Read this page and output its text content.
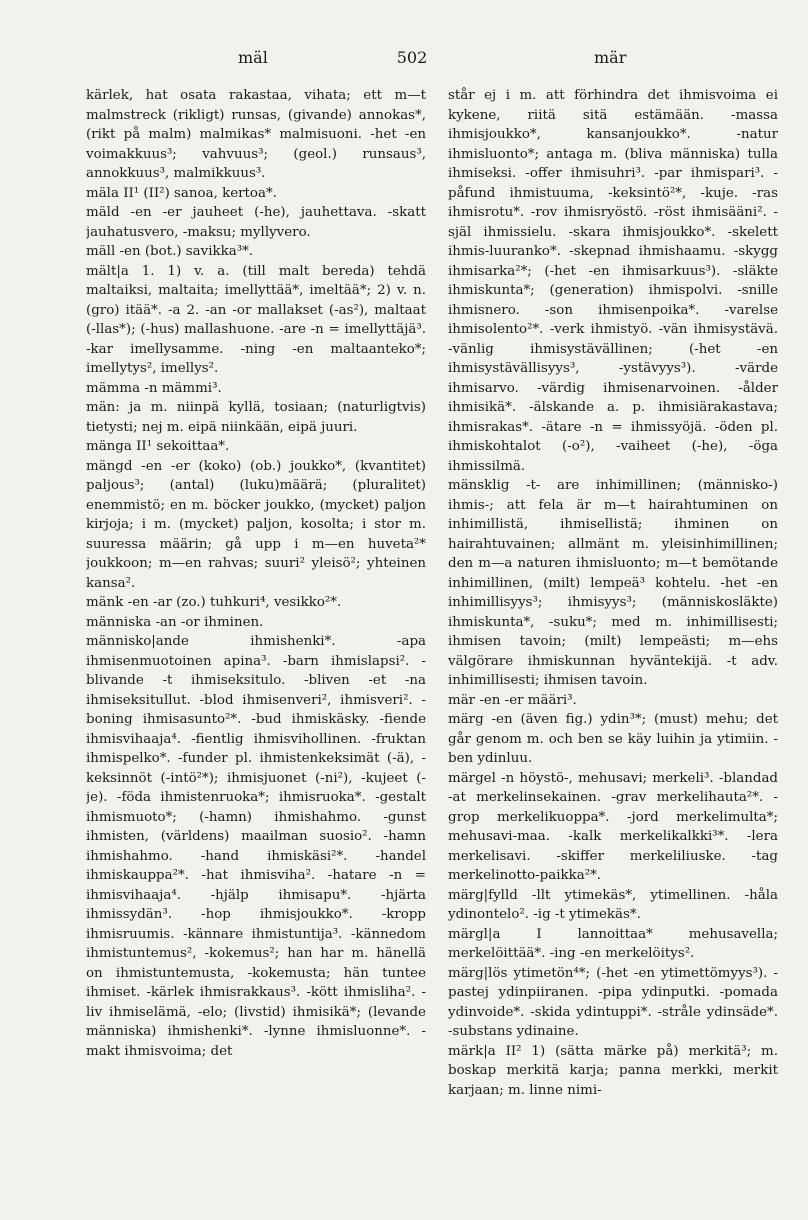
mäl	502	mär

kärlek, hat osata rakastaa, vihata; ett m—t malmstreck (rikligt) runsas, (givande) annokas*, (rikt på malm) malmikas* malmisuoni. -het -en voimakkuus³; vahvuus³; (geol.) runsaus³, annokkuus³, malmikkuus³.

mäla II¹ (II²) sanoa, kertoa*.

mäld -en -er jauheet (-he), jauhettava. -skatt jauhatusvero, -maksu; myllyvero.

mäll -en (bot.) savikka³*.

mält|a 1. 1) v. a. (till malt bereda) tehdä maltaiksi, maltaita; imellyttää*, imeltää*; 2) v. n. (gro) itää*. -a 2. -an -or mallakset (-as²), maltaat (-llas*); (-hus) mallashuone. -are -n = imellyttäjä³. -kar imellysamme. -ning -en maltaanteko*; imellytys², imellys².

mämma -n mämmi³.

män: ja m. niinpä kyllä, tosiaan; (naturligtvis) tietysti; nej m. eipä niinkään, eipä juuri.

mänga II¹ sekoittaa*.

mängd -en -er (koko) (ob.) joukko*, (kvantitet) paljous³; (antal) (luku)määrä; (pluralitet) enemmistö; en m. böcker joukko, (mycket) paljon kirjoja; i m. (mycket) paljon, kosolta; i stor m. suuressa määrin; gå upp i m—en huveta²* joukkoon; m—en rahvas; suuri² yleisö²; yhteinen kansa².

mänk -en -ar (zo.) tuhkuri⁴, vesikko²*.

människa -an -or ihminen.

människo|ande ihmishenki*. -apa ihmisenmuotoinen apina³. -barn ihmislapsi². -blivande -t ihmiseksitulo. -bliven -et -na ihmiseksitullut. -blod ihmisenveri², ihmisveri². -boning ihmisasunto²*. -bud ihmiskäsky. -fiende ihmisvihaaja⁴. -fientlig ihmisvihollinen. -fruktan ihmispelko*. -funder pl. ihmistenkeksimät (-ä), -keksinnöt (-intö²*); ihmisjuonet (-ni²), -kujeet (-je). -föda ihmistenruoka*; ihmisruoka*. -gestalt ihmismuoto*; (-hamn) ihmishahmo. -gunst ihmisten, (världens) maailman suosio². -hamn ihmishahmo. -hand ihmiskäsi²*. -handel ihmiskauppa²*. -hat ihmisviha². -hatare -n = ihmisvihaaja⁴. -hjälp ihmisapu*. -hjärta ihmissydän³. -hop ihmisjoukko*. -kropp ihmisruumis. -kännare ihmistuntija³. -kännedom ihmistuntemus², -kokemus²; han har m. hänellä on ihmistuntemusta, -kokemusta; hän tuntee ihmiset. -kärlek ihmisrakkaus³. -kött ihmisliha². -liv ihmiselämä, -elo; (livstid) ihmisikä*; (levande människa) ihmishenki*. -lynne ihmisluonne*. -makt ihmisvoima; det

står ej i m. att förhindra det ihmisvoima ei kykene, riitä sitä estämään. -massa ihmisjoukko*, kansanjoukko*. -natur ihmisluonto*; antaga m. (bliva människa) tulla ihmiseksi. -offer ihmisuhri³. -par ihmispari³. -påfund ihmistuuma, -keksintö²*, -kuje. -ras ihmisrotu*. -rov ihmisryöstö. -röst ihmisääni². -själ ihmissielu. -skara ihmisjoukko*. -skelett ihmis-luuranko*. -skepnad ihmishaamu. -skygg ihmisarka²*; (-het -en ihmisarkuus³). -släkte ihmiskunta*; (generation) ihmispolvi. -snille ihmisnero. -son ihmisenpoika*. -varelse ihmisolento²*. -verk ihmistyö. -vän ihmisystävä. -vänlig ihmisystävällinen; (-het -en ihmisystävällisyys³, -ystävyys³). -värde ihmisarvo. -värdig ihmisenarvoinen. -ålder ihmisikä*. -älskande a. p. ihmisiärakastava; ihmisrakas*. -ätare -n = ihmissyöjä. -öden pl. ihmiskohtalot (-o²), -vaiheet (-he), -öga ihmissilmä.

mänsklig -t- are inhimillinen; (människo-) ihmis-; att fela är m—t hairahtuminen on inhimillistä, ihmisellistä; ihminen on hairahtuvainen; allmänt m. yleisinhimillinen; den m—a naturen ihmisluonto; m—t bemötande inhimillinen, (milt) lempeä³ kohtelu. -het -en inhimillisyys³; ihmisyys³; (människosläkte) ihmiskunta*, -suku*; med m. inhimillisesti; ihmisen tavoin; (milt) lempeästi; m—ehs välgörare ihmiskunnan hyväntekijä. -t adv. inhimillisesti; ihmisen tavoin.

mär -en -er määri³.

märg -en (även fig.) ydin³*; (must) mehu; det går genom m. och ben se käy luihin ja ytimiin. -ben ydinluu.

märgel -n höystö-, mehusavi; merkeli³. -blandad -at merkelinsekainen. -grav merkelihauta²*. -grop merkelikuoppa*. -jord merkelimulta*; mehusavi-maa. -kalk merkelikalkki³*. -lera merkelisavi. -skiffer merkeliliuske. -tag merkelinotto-paikka²*.

märg|fylld -llt ytimekäs*, ytimellinen. -håla ydinontelo². -ig -t ytimekäs*.

märgl|a I lannoittaa* mehusavella; merkelöittää*. -ing -en merkelöitys².

märg|lös ytimetön⁴*; (-het -en ytimettömyys³). -pastej ydinpiiranen. -pipa ydinputki. -pomada ydinvoide*. -skida ydintuppi*. -stråle ydinsäde*. -substans ydinaine.

märk|a II² 1) (sätta märke på) merkitä³; m. boskap merkitä karja; panna merkki, merkit karjaan; m. linne nimi-
